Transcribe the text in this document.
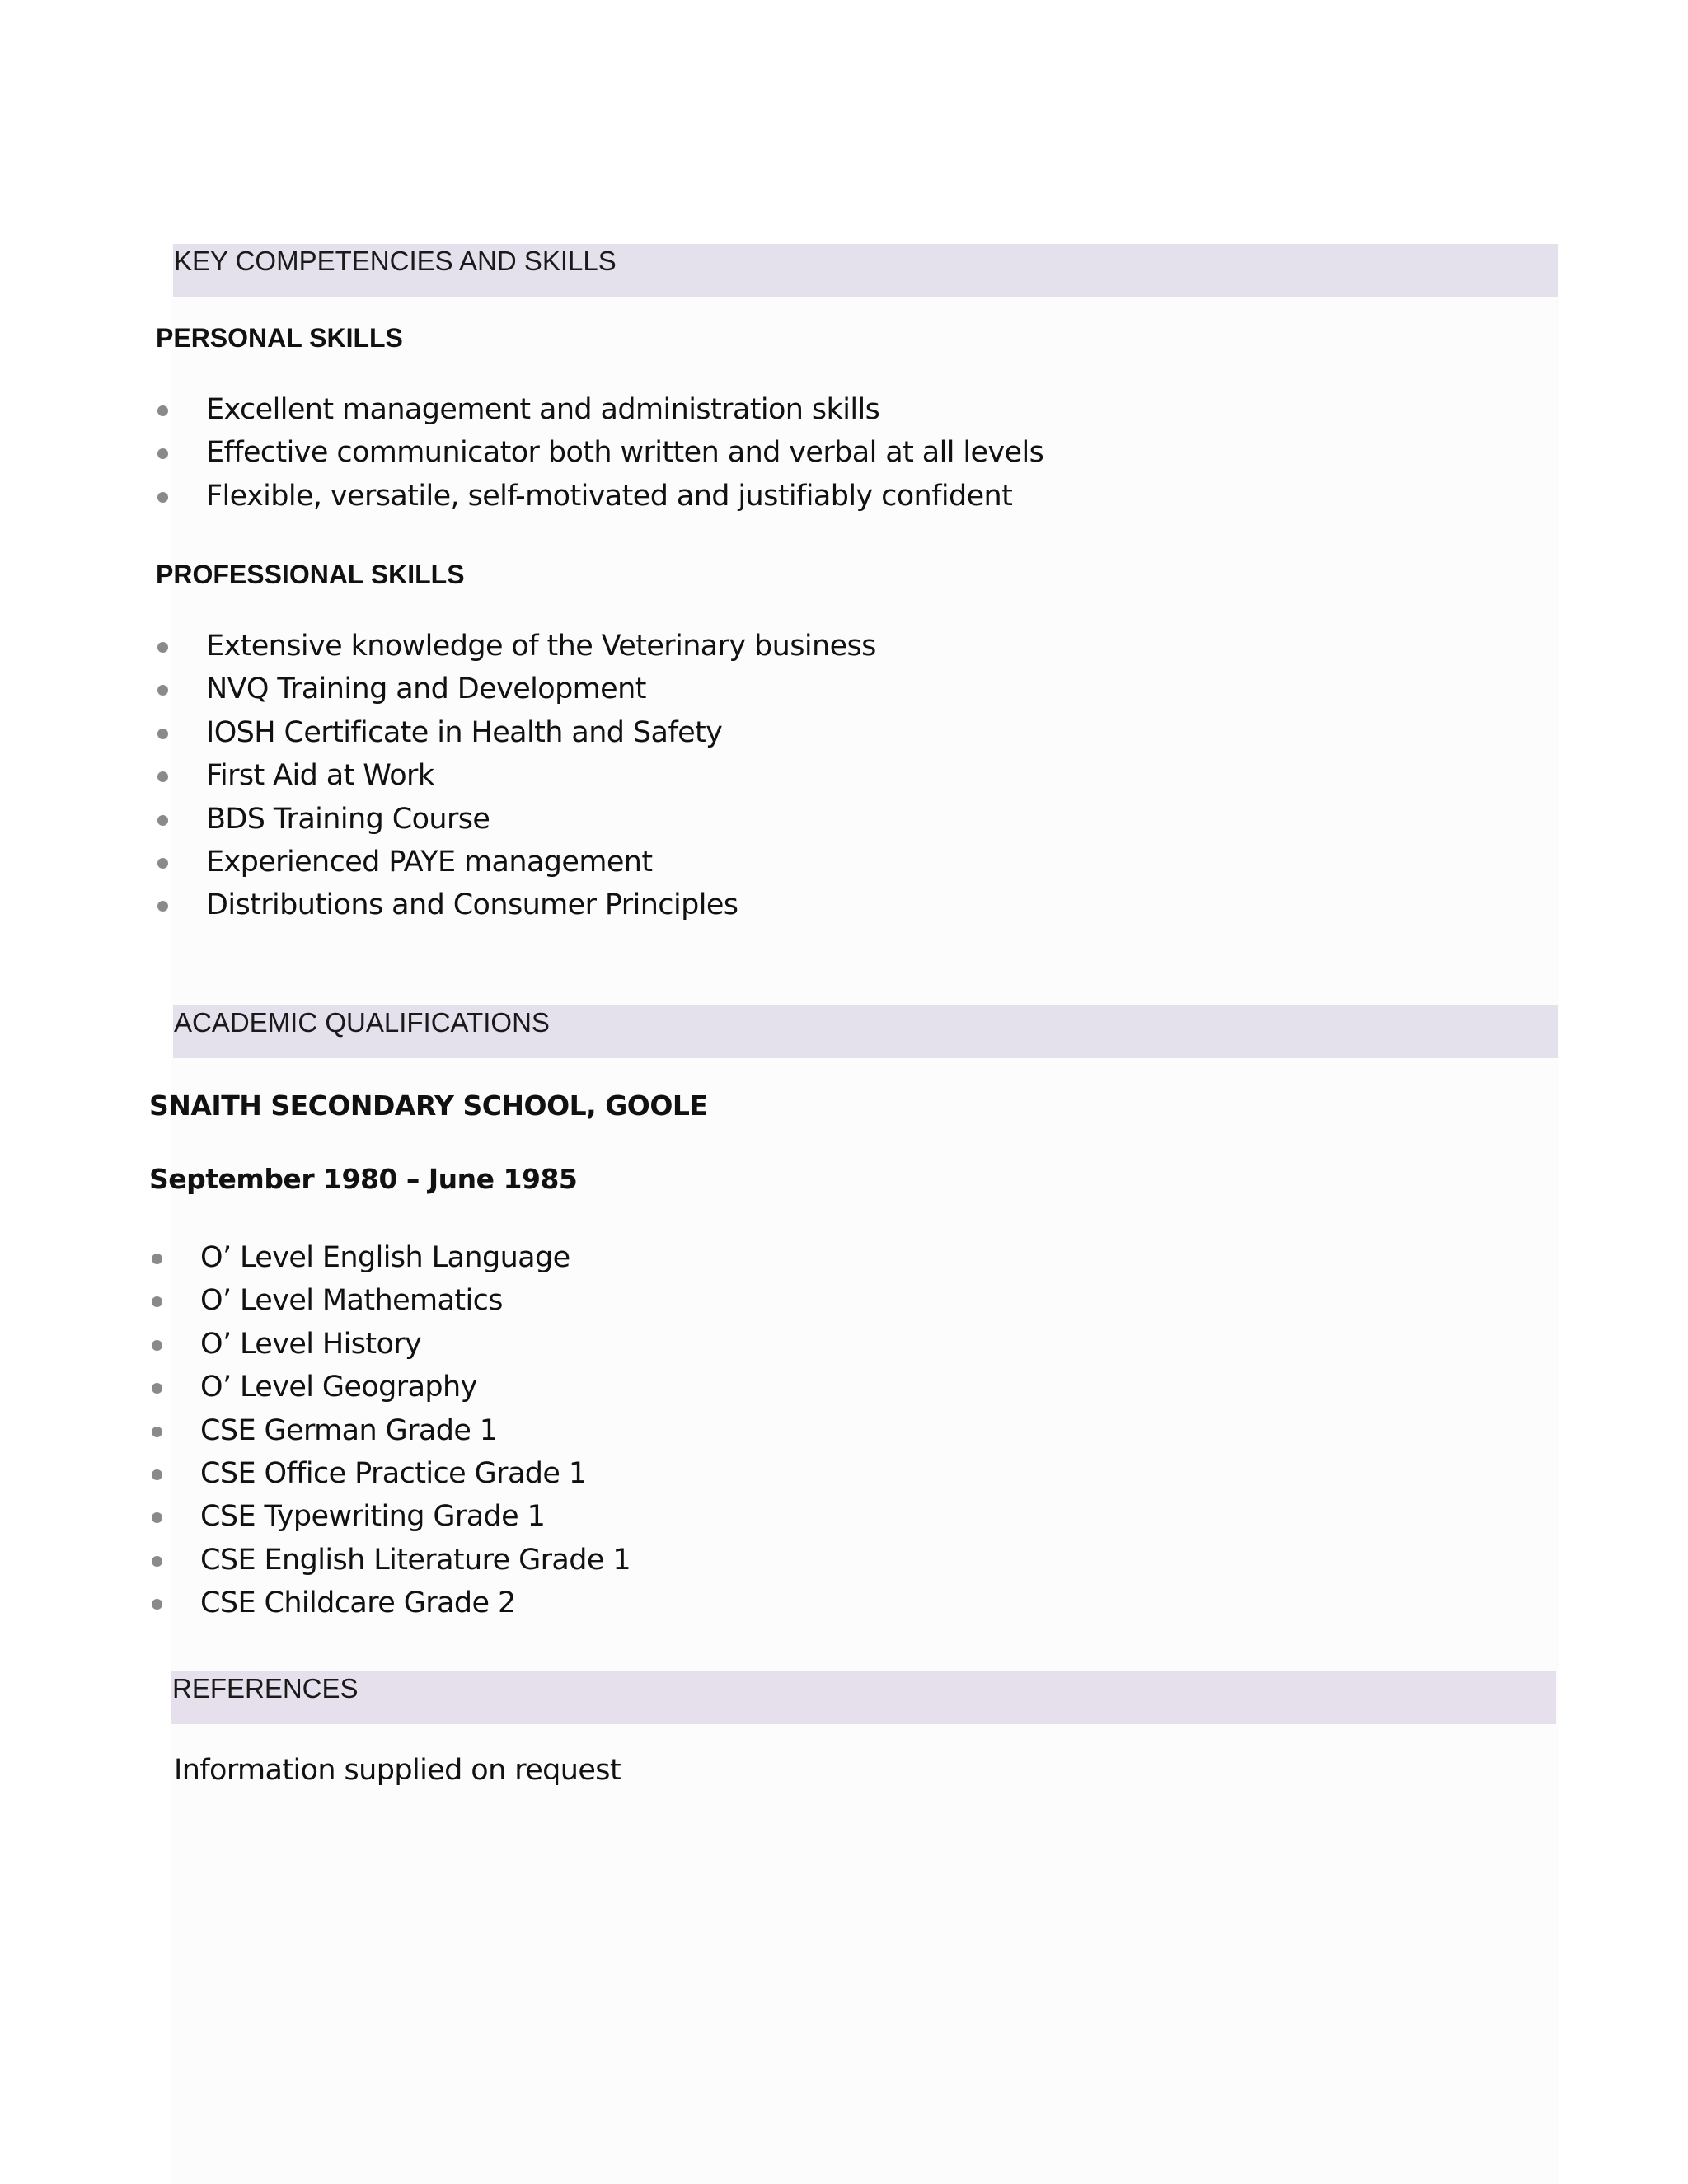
KEY COMPETENCIES AND SKILLS
PERSONAL SKILLS
Excellent management and administration skills
Effective communicator both written and verbal at all levels
Flexible, versatile, self-motivated and justifiably confident
PROFESSIONAL SKILLS
Extensive knowledge of the Veterinary business
NVQ Training and Development
IOSH Certificate in Health and Safety
First Aid at Work
BDS Training Course
Experienced PAYE management
Distributions and Consumer Principles
ACADEMIC QUALIFICATIONS
SNAITH SECONDARY SCHOOL, GOOLE
September 1980 – June 1985
O’ Level English Language
O’ Level Mathematics
O’ Level History
O’ Level Geography
CSE German Grade 1
CSE Office Practice Grade 1
CSE Typewriting Grade 1
CSE English Literature Grade 1
CSE Childcare Grade 2
REFERENCES
Information supplied on request
